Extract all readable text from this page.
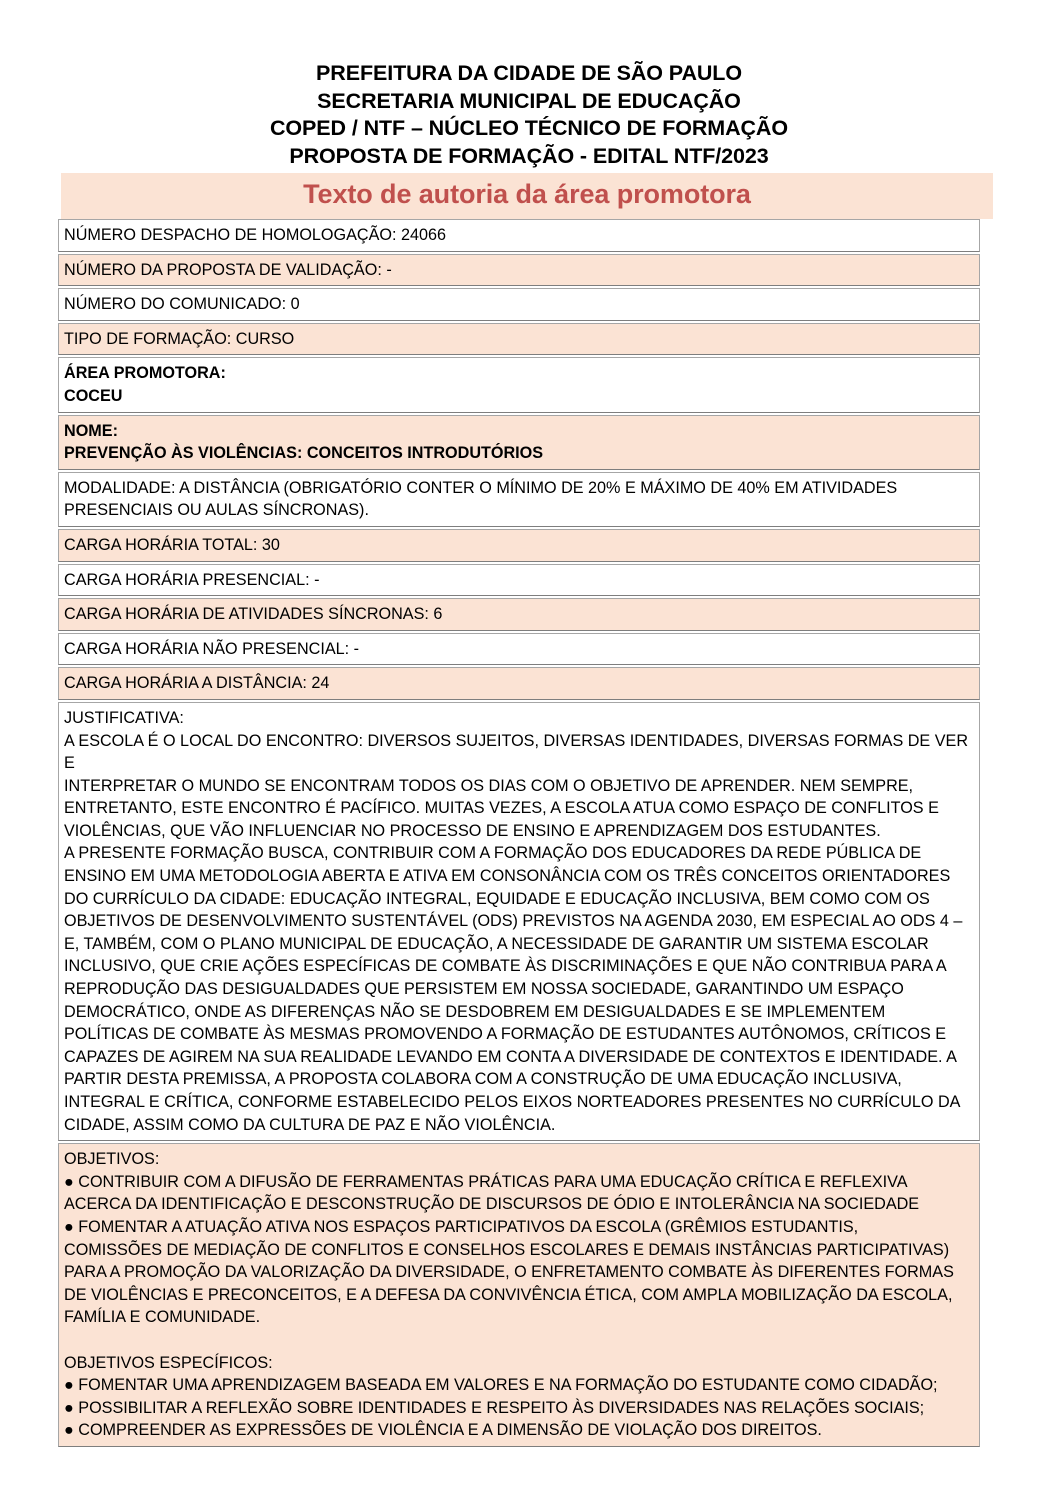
PREFEITURA DA CIDADE DE SÃO PAULO
SECRETARIA MUNICIPAL DE EDUCAÇÃO
COPED / NTF – NÚCLEO TÉCNICO DE FORMAÇÃO
PROPOSTA DE FORMAÇÃO - EDITAL NTF/2023
Texto de autoria da área promotora

NÚMERO DESPACHO DE HOMOLOGAÇÃO: 24066

NÚMERO DA PROPOSTA DE VALIDAÇÃO: -

NÚMERO DO COMUNICADO: 0

TIPO DE FORMAÇÃO: CURSO

ÁREA PROMOTORA:

COCEU

NOME:

PREVENÇÃO ÀS VIOLÊNCIAS: CONCEITOS INTRODUTÓRIOS

MODALIDADE: A DISTÂNCIA (OBRIGATÓRIO CONTER O MÍNIMO DE 20% E MÁXIMO DE 40% EM ATIVIDADES

PRESENCIAIS OU AULAS SÍNCRONAS).

CARGA HORÁRIA TOTAL: 30

CARGA HORÁRIA PRESENCIAL: -

CARGA HORÁRIA DE ATIVIDADES SÍNCRONAS: 6

CARGA HORÁRIA NÃO PRESENCIAL: -

CARGA HORÁRIA A DISTÂNCIA: 24

JUSTIFICATIVA:

A ESCOLA É O LOCAL DO ENCONTRO: DIVERSOS SUJEITOS, DIVERSAS IDENTIDADES, DIVERSAS FORMAS DE VER E

INTERPRETAR O MUNDO SE ENCONTRAM TODOS OS DIAS COM O OBJETIVO DE APRENDER. NEM SEMPRE,

ENTRETANTO, ESTE ENCONTRO É PACÍFICO. MUITAS VEZES, A ESCOLA ATUA COMO ESPAÇO DE CONFLITOS E

VIOLÊNCIAS, QUE VÃO INFLUENCIAR NO PROCESSO DE ENSINO E APRENDIZAGEM DOS ESTUDANTES.

A PRESENTE FORMAÇÃO BUSCA, CONTRIBUIR COM A FORMAÇÃO DOS EDUCADORES DA REDE PÚBLICA DE

ENSINO EM UMA METODOLOGIA ABERTA E ATIVA EM CONSONÂNCIA COM OS TRÊS CONCEITOS ORIENTADORES

DO CURRÍCULO DA CIDADE: EDUCAÇÃO INTEGRAL, EQUIDADE E EDUCAÇÃO INCLUSIVA, BEM COMO COM OS

OBJETIVOS DE DESENVOLVIMENTO SUSTENTÁVEL (ODS) PREVISTOS NA AGENDA 2030, EM ESPECIAL AO ODS 4 –

E, TAMBÉM, COM O PLANO MUNICIPAL DE EDUCAÇÃO, A NECESSIDADE DE GARANTIR UM SISTEMA ESCOLAR

INCLUSIVO, QUE CRIE AÇÕES ESPECÍFICAS DE COMBATE ÀS DISCRIMINAÇÕES E QUE NÃO CONTRIBUA PARA A

REPRODUÇÃO DAS DESIGUALDADES QUE PERSISTEM EM NOSSA SOCIEDADE, GARANTINDO UM ESPAÇO

DEMOCRÁTICO, ONDE AS DIFERENÇAS NÃO SE DESDOBREM EM DESIGUALDADES E SE IMPLEMENTEM

POLÍTICAS DE COMBATE ÀS MESMAS PROMOVENDO A FORMAÇÃO DE ESTUDANTES AUTÔNOMOS, CRÍTICOS E

CAPAZES DE AGIREM NA SUA REALIDADE LEVANDO EM CONTA A DIVERSIDADE DE CONTEXTOS E IDENTIDADE. A

PARTIR DESTA PREMISSA, A PROPOSTA COLABORA COM A CONSTRUÇÃO DE UMA EDUCAÇÃO INCLUSIVA,

INTEGRAL E CRÍTICA, CONFORME ESTABELECIDO PELOS EIXOS NORTEADORES PRESENTES NO CURRÍCULO DA

CIDADE, ASSIM COMO DA CULTURA DE PAZ E NÃO VIOLÊNCIA.

OBJETIVOS:

● CONTRIBUIR COM A DIFUSÃO DE FERRAMENTAS PRÁTICAS PARA UMA EDUCAÇÃO CRÍTICA E REFLEXIVA

ACERCA DA IDENTIFICAÇÃO E DESCONSTRUÇÃO DE DISCURSOS DE ÓDIO E INTOLERÂNCIA NA SOCIEDADE

● FOMENTAR A ATUAÇÃO ATIVA NOS ESPAÇOS PARTICIPATIVOS DA ESCOLA (GRÊMIOS ESTUDANTIS,

COMISSÕES DE MEDIAÇÃO DE CONFLITOS E CONSELHOS ESCOLARES E DEMAIS INSTÂNCIAS PARTICIPATIVAS)

PARA A PROMOÇÃO DA VALORIZAÇÃO DA DIVERSIDADE, O ENFRETAMENTO COMBATE ÀS DIFERENTES FORMAS

DE VIOLÊNCIAS E PRECONCEITOS, E A DEFESA DA CONVIVÊNCIA ÉTICA, COM AMPLA MOBILIZAÇÃO DA ESCOLA,

FAMÍLIA E COMUNIDADE.

OBJETIVOS ESPECÍFICOS:

● FOMENTAR UMA APRENDIZAGEM BASEADA EM VALORES E NA FORMAÇÃO DO ESTUDANTE COMO CIDADÃO;

● POSSIBILITAR A REFLEXÃO SOBRE IDENTIDADES E RESPEITO ÀS DIVERSIDADES NAS RELAÇÕES SOCIAIS;

● COMPREENDER AS EXPRESSÕES DE VIOLÊNCIA E A DIMENSÃO DE VIOLAÇÃO DOS DIREITOS.
